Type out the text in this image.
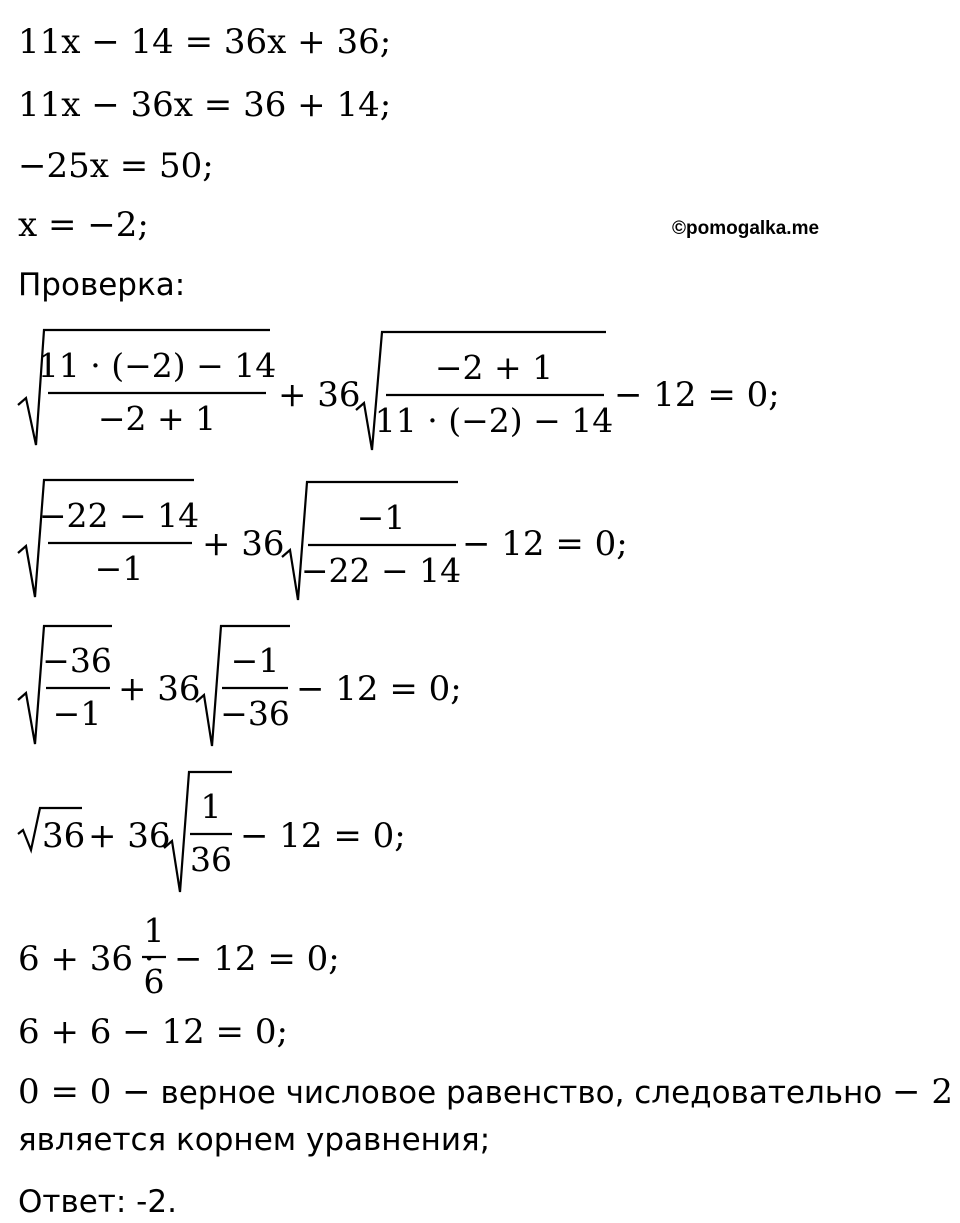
11x − 14 = 36x + 36;
11x − 36x = 36 + 14;
−25x = 50;
x = −2;	©pomogalka.me
Проверка:
11 · (−2) − 14
−2 + 1
+ 36
−2 + 1
11 · (−2) − 14
− 12 = 0;
−22 − 14
−1
+ 36
−1
−22 − 14
− 12 = 0;
−36
−1
+ 36
−1
−36
− 12 = 0;
36 + 36
1
36
− 12 = 0;
6 + 36 ·
1
6
− 12 = 0;
6 + 6 − 12 = 0;
0 = 0 − верное числовое равенство, следовательно − 2
является корнем уравнения;
Ответ: -2.
